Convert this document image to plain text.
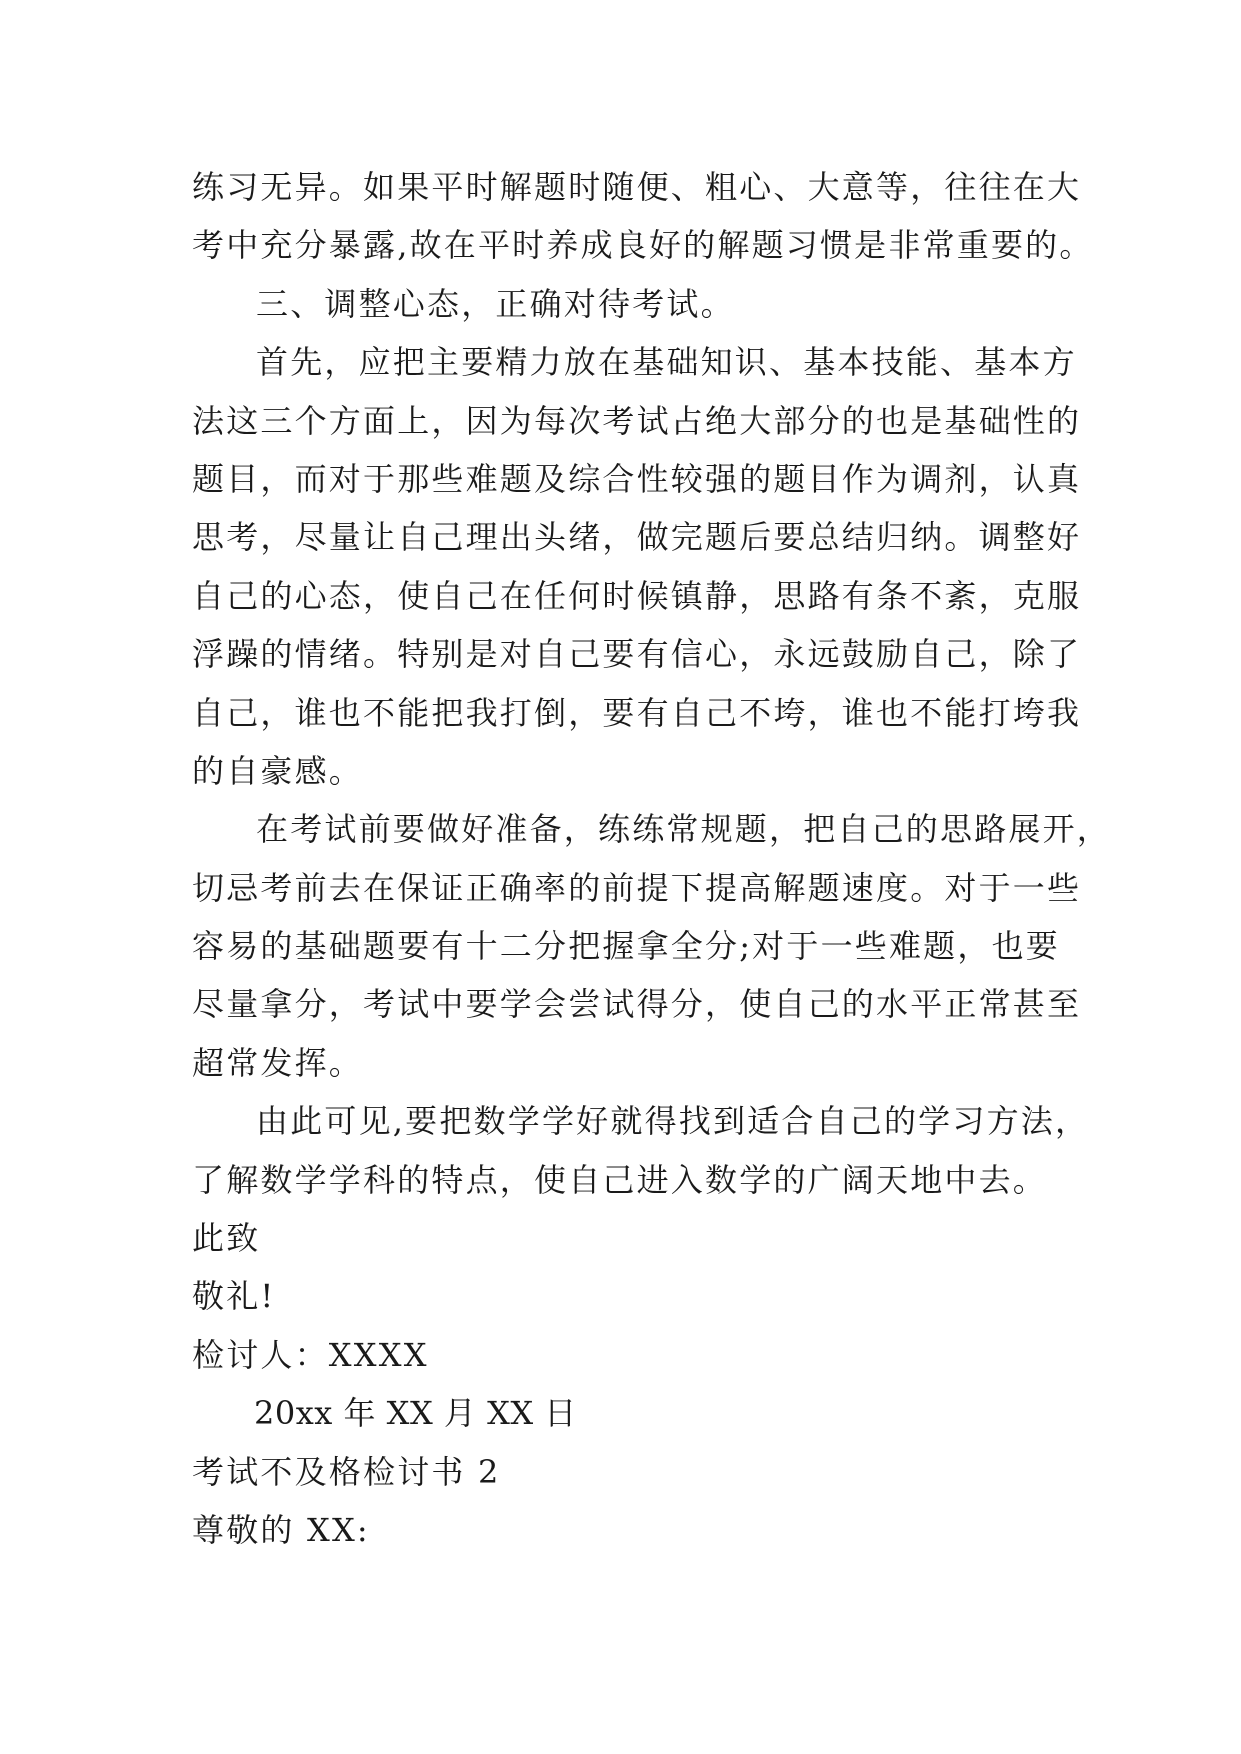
练习无异。如果平时解题时随便、粗心、大意等，往往在大
考中充分暴露,故在平时养成良好的解题习惯是非常重要的。
三、调整心态，正确对待考试。
首先，应把主要精力放在基础知识、基本技能、基本方
法这三个方面上，因为每次考试占绝大部分的也是基础性的
题目，而对于那些难题及综合性较强的题目作为调剂，认真
思考，尽量让自己理出头绪，做完题后要总结归纳。调整好
自己的心态，使自己在任何时候镇静，思路有条不紊，克服
浮躁的情绪。特别是对自己要有信心，永远鼓励自己，除了
自己，谁也不能把我打倒，要有自己不垮，谁也不能打垮我
的自豪感。
在考试前要做好准备，练练常规题，把自己的思路展开，
切忌考前去在保证正确率的前提下提高解题速度。对于一些
容易的基础题要有十二分把握拿全分;对于一些难题，也要
尽量拿分，考试中要学会尝试得分，使自己的水平正常甚至
超常发挥。
由此可见,要把数学学好就得找到适合自己的学习方法，
了解数学学科的特点，使自己进入数学的广阔天地中去。
此致
敬礼!
检讨人：XXXX
20xx 年 XX 月 XX 日
考试不及格检讨书 2
尊敬的 XX:
